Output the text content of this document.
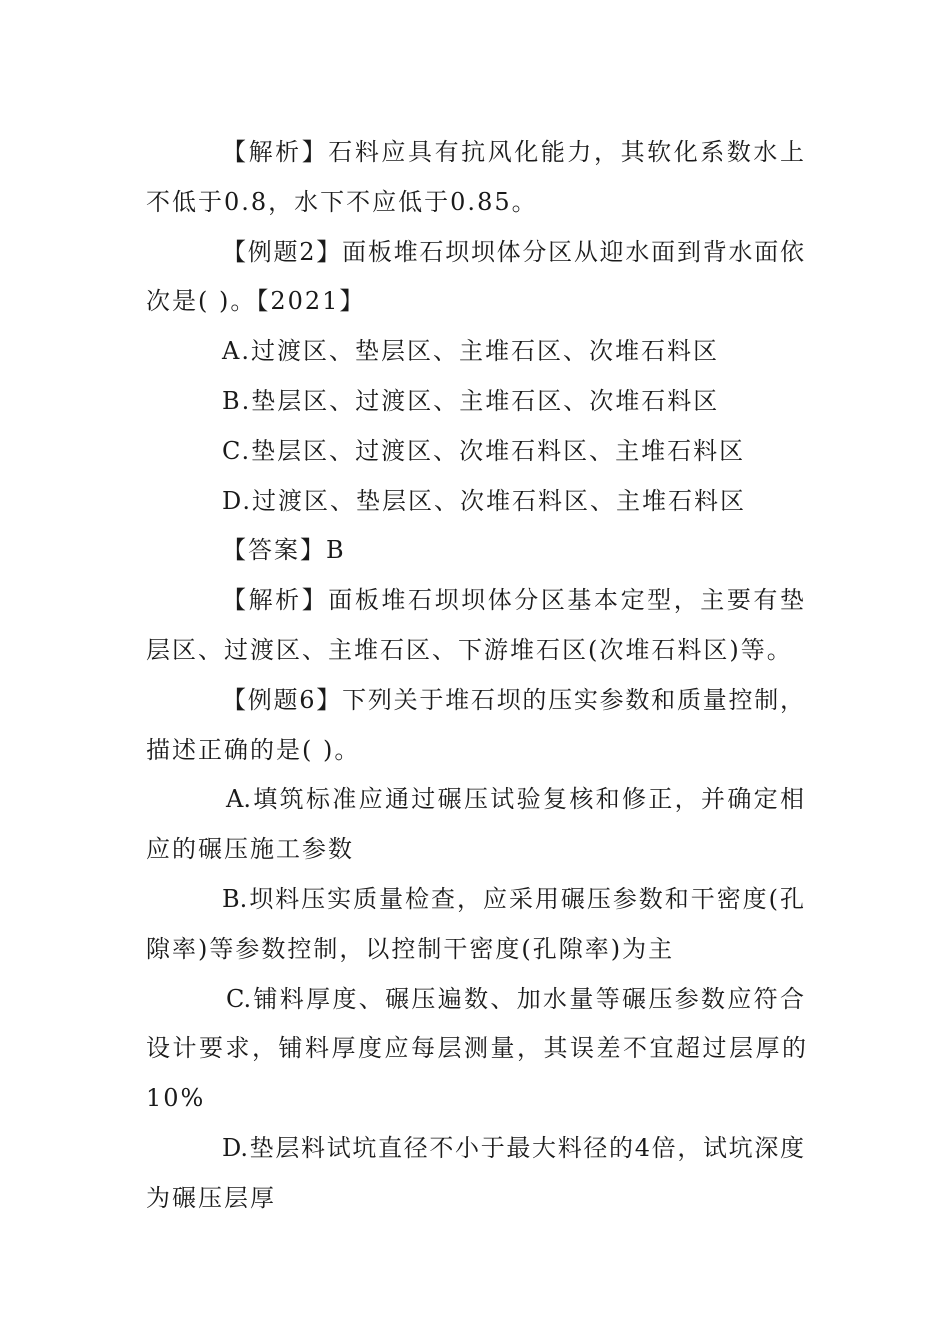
【解析】石料应具有抗风化能力，其软化系数水上
不低于0.8，水下不应低于0.85。
【例题2】面板堆石坝坝体分区从迎水面到背水面依
次是( )。【2021】
A.过渡区、垫层区、主堆石区、次堆石料区
B.垫层区、过渡区、主堆石区、次堆石料区
C.垫层区、过渡区、次堆石料区、主堆石料区
D.过渡区、垫层区、次堆石料区、主堆石料区
【答案】B
【解析】面板堆石坝坝体分区基本定型，主要有垫
层区、过渡区、主堆石区、下游堆石区(次堆石料区)等。
【例题6】下列关于堆石坝的压实参数和质量控制，
描述正确的是( )。
A.填筑标准应通过碾压试验复核和修正，并确定相
应的碾压施工参数
B.坝料压实质量检查，应采用碾压参数和干密度(孔
隙率)等参数控制，以控制干密度(孔隙率)为主
C.铺料厚度、碾压遍数、加水量等碾压参数应符合
设计要求，铺料厚度应每层测量，其误差不宜超过层厚的
10%
D.垫层料试坑直径不小于最大料径的4倍，试坑深度
为碾压层厚
